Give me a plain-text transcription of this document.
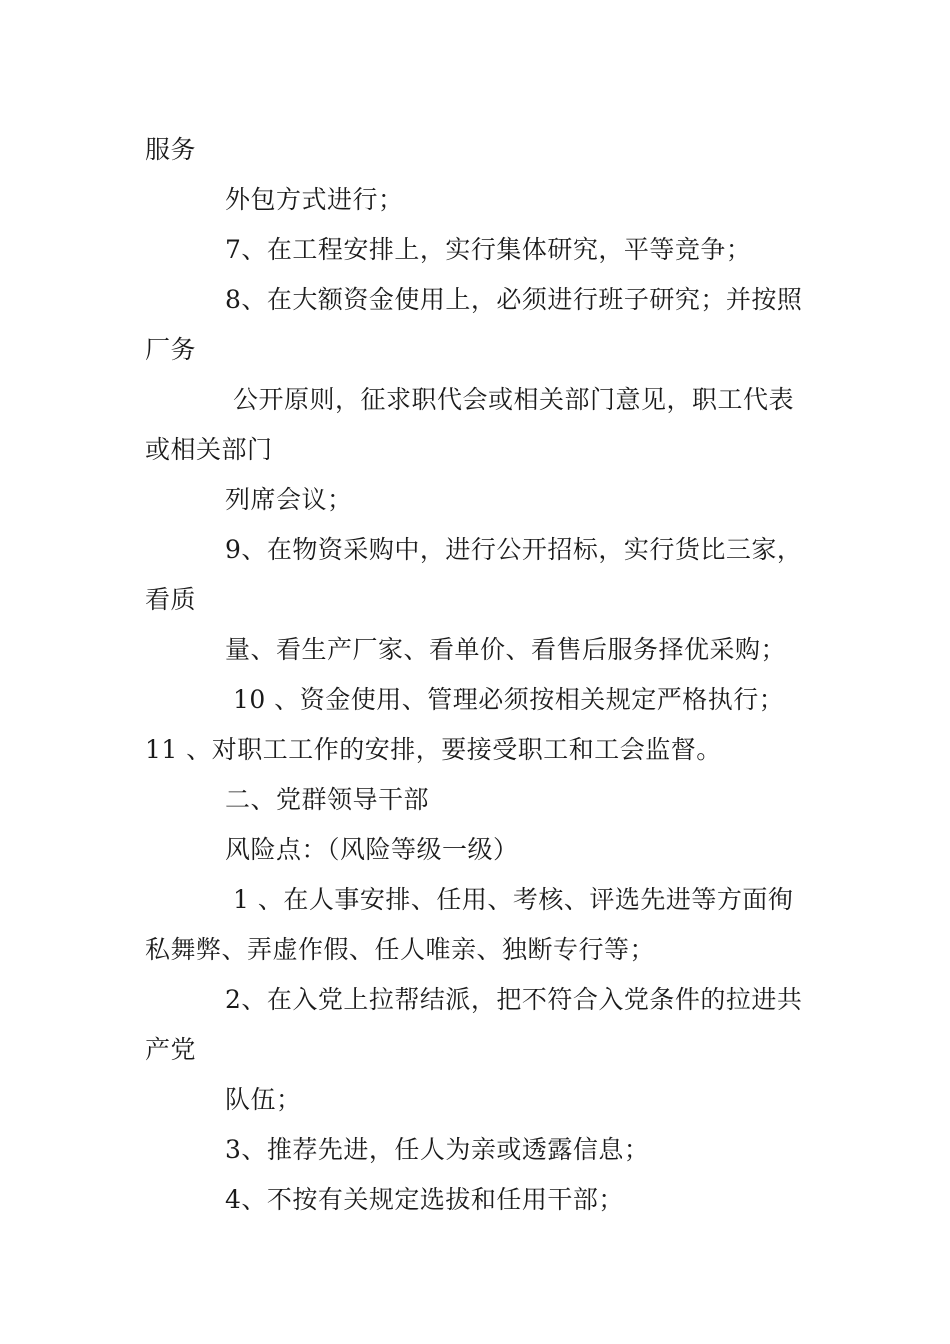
服务
外包方式进行；
7、在工程安排上，实行集体研究，平等竞争；
8、在大额资金使用上，必须进行班子研究；并按照
厂务
公开原则，征求职代会或相关部门意见，职工代表
或相关部门
列席会议；
9、在物资采购中，进行公开招标，实行货比三家，
看质
量、看生产厂家、看单价、看售后服务择优采购；
10 、资金使用、管理必须按相关规定严格执行；
11 、对职工工作的安排，要接受职工和工会监督。
二、党群领导干部
风险点：（风险等级一级）
1 、在人事安排、任用、考核、评选先进等方面徇
私舞弊、弄虚作假、任人唯亲、独断专行等；
2、在入党上拉帮结派，把不符合入党条件的拉进共
产党
队伍；
3、推荐先进，任人为亲或透露信息；
4、不按有关规定选拔和任用干部；
